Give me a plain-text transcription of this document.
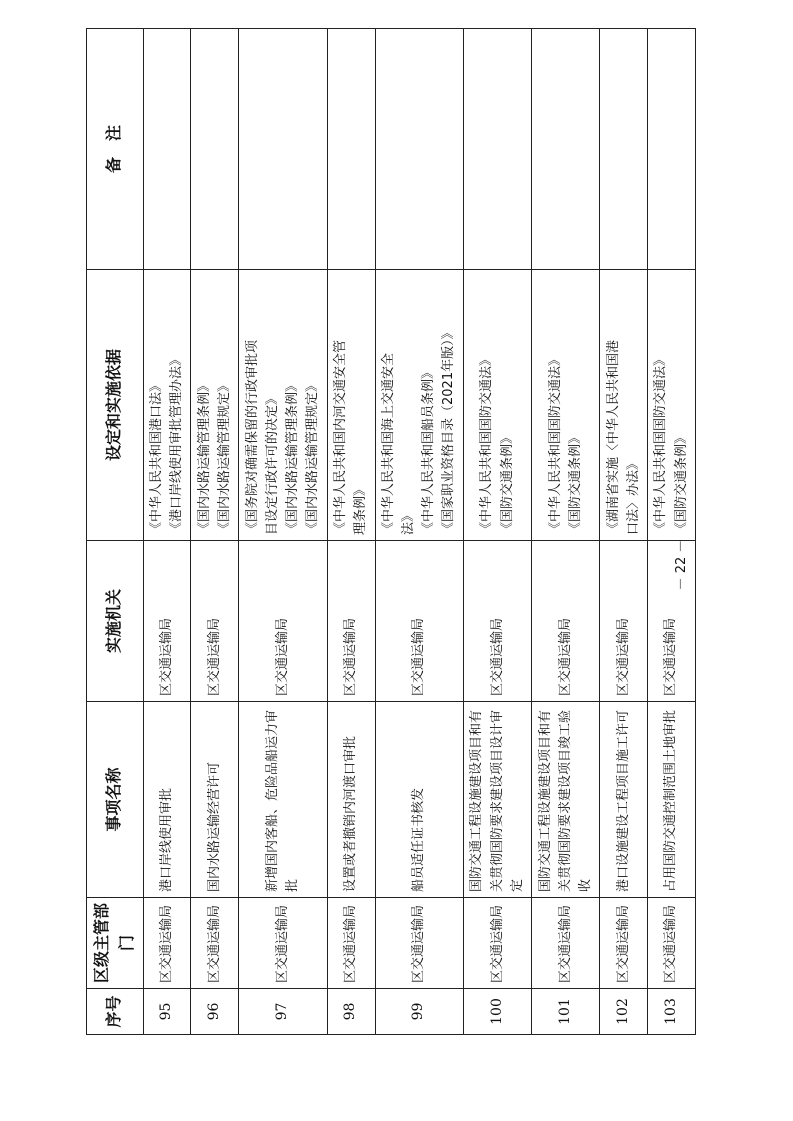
序号	区级主管部门	事项名称	实施机关	设定和实施依据	备　注
95	区交通运输局	港口岸线使用审批	区交通运输局	《中华人民共和国港口法》 《港口岸线使用审批管理办法》	

96	区交通运输局	国内水路运输经营许可	区交通运输局	《国内水路运输管理条例》 《国内水路运输管理规定》	

97	区交通运输局	新增国内客船、危险品船运力审批	区交通运输局	《国务院对确需保留的行政审批项 目设定行政许可的决定》 《国内水路运输管理条例》 《国内水路运输管理规定》	

98	区交通运输局	设置或者撤销内河渡口审批	区交通运输局	《中华人民共和国内河交通安全管 理条例》	

99	区交通运输局	船员适任证书核发	区交通运输局	《中华人民共和国海上交通安全 法》 《中华人民共和国船员条例》 《国家职业资格目录（2021年版）》	

100	区交通运输局	国防交通工程设施建设项目和有关贯彻国防要求建设项目设计审定	区交通运输局	《中华人民共和国国防交通法》 《国防交通条例》	

101	区交通运输局	国防交通工程设施建设项目和有关贯彻国防要求建设项目竣工验收	区交通运输局	《中华人民共和国国防交通法》 《国防交通条例》	

102	区交通运输局	港口设施建设工程项目施工许可	区交通运输局	《湖南省实施〈中华人民共和国港 口法〉办法》	

103	区交通运输局	占用国防交通控制范围土地审批	区交通运输局	《中华人民共和国国防交通法》 《国防交通条例》	

－ 22 －
